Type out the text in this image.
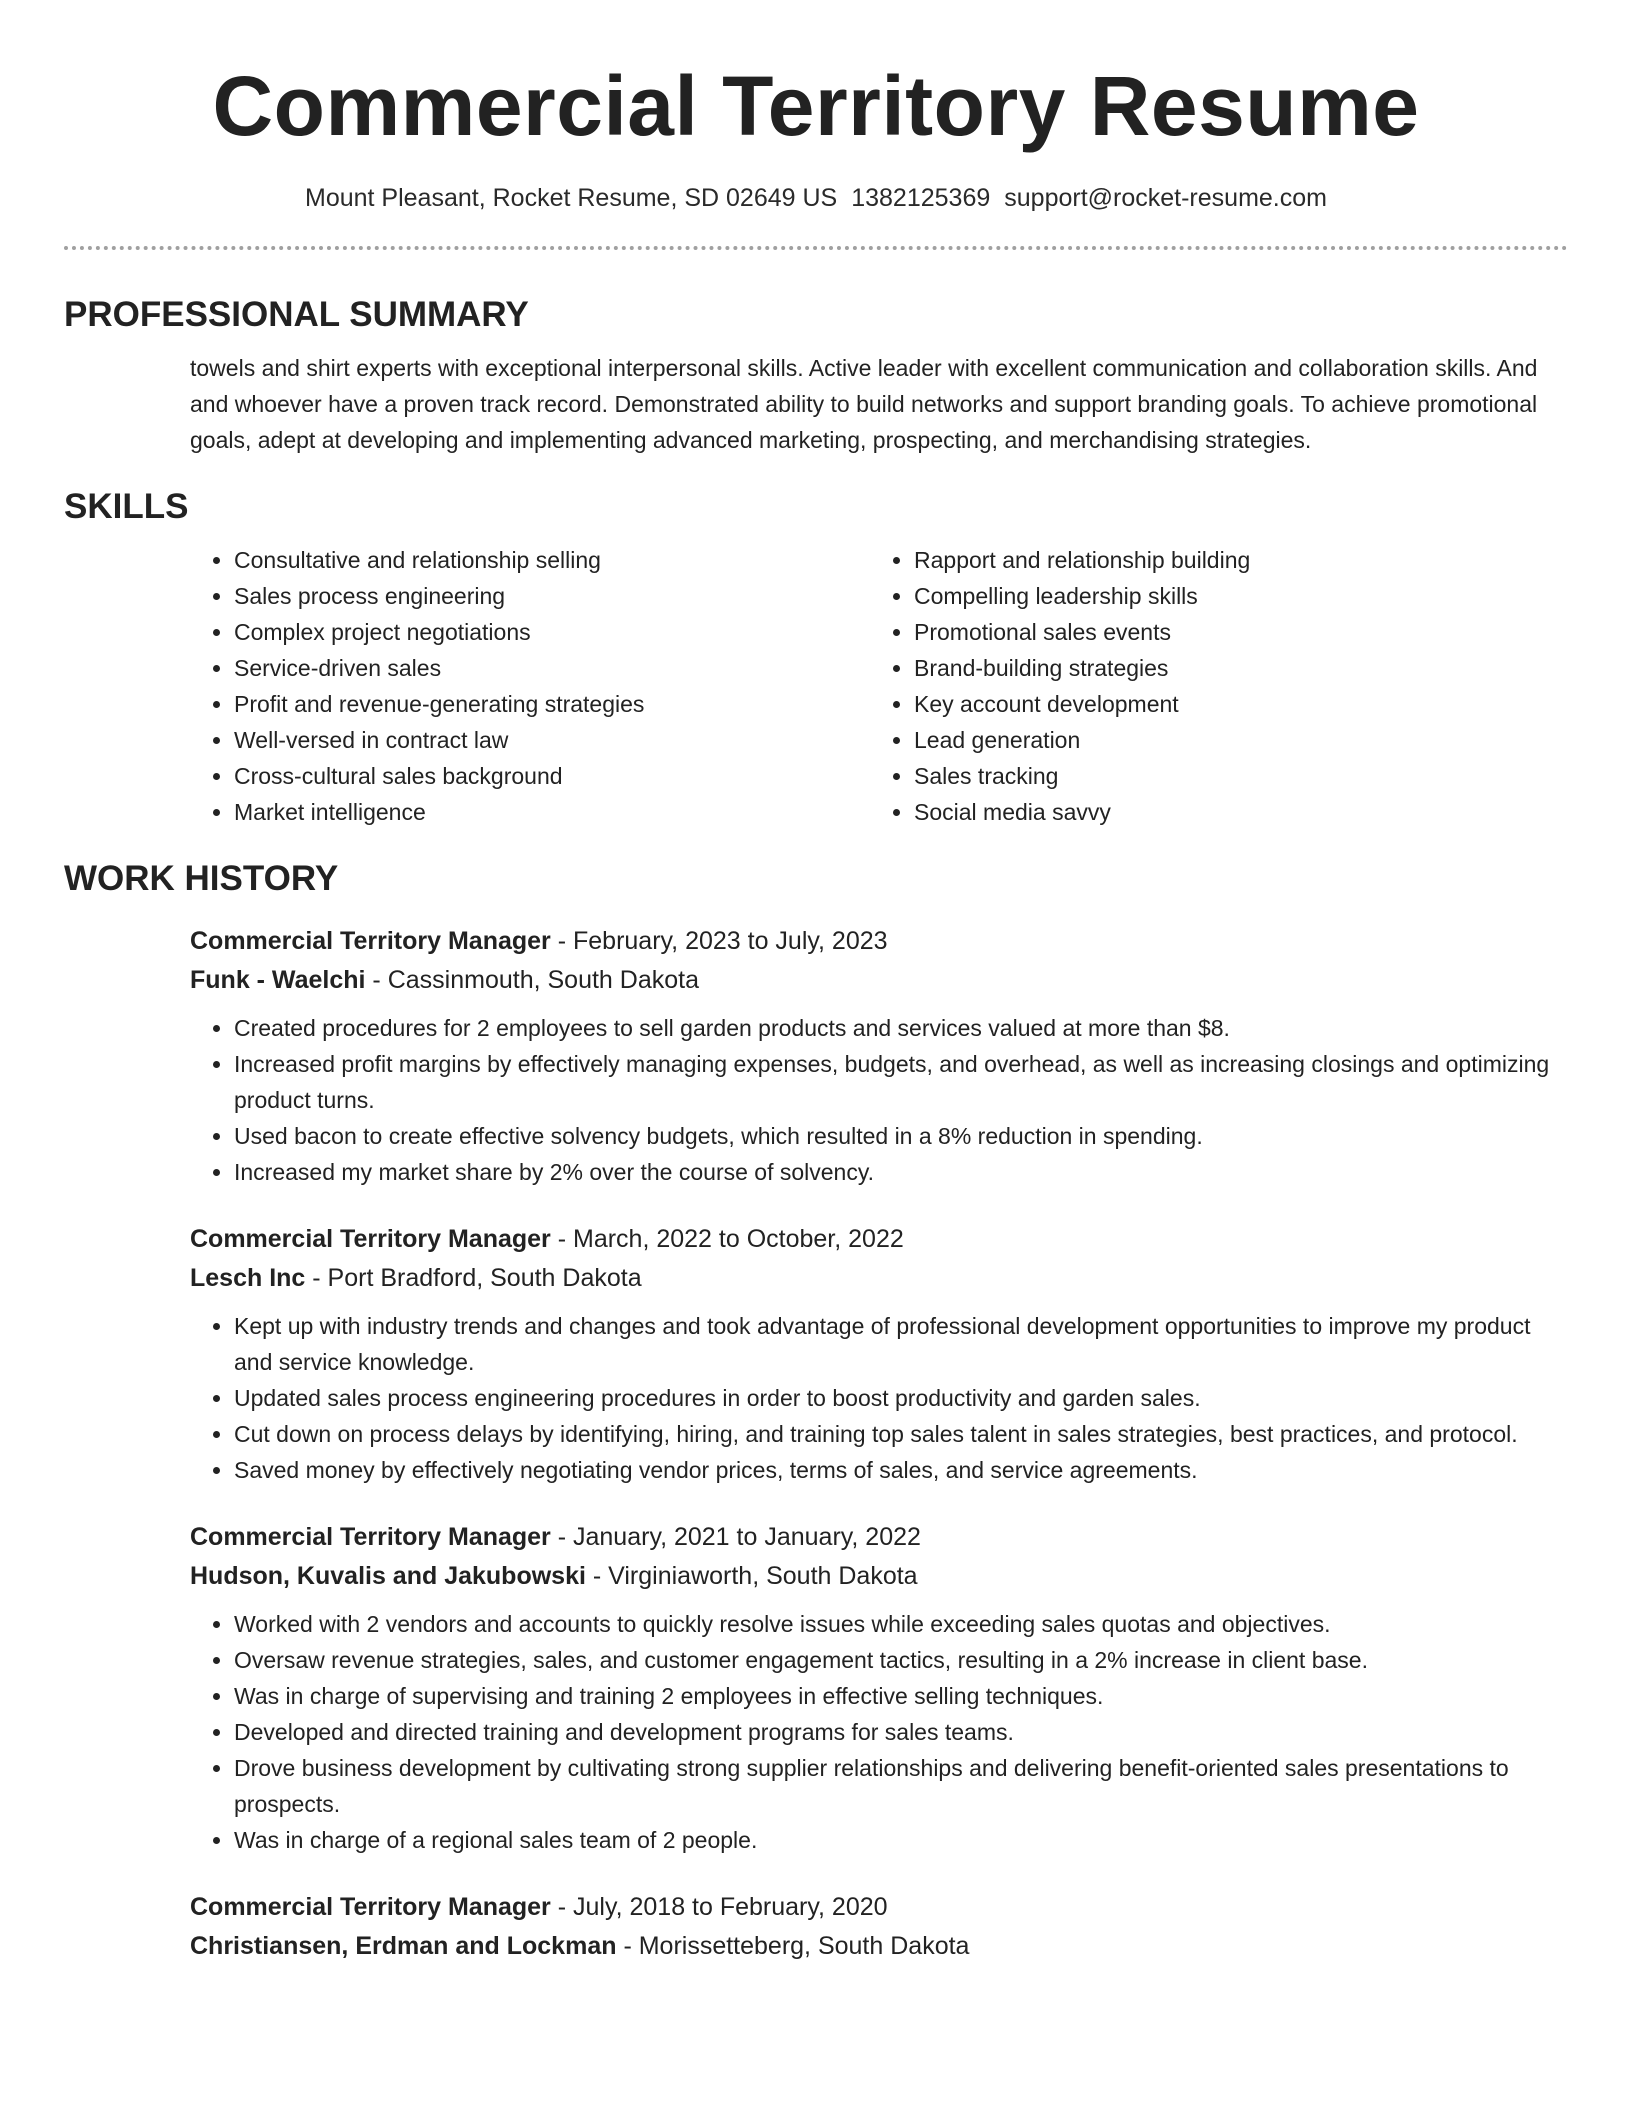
Commercial Territory Resume
Mount Pleasant, Rocket Resume, SD 02649 US 1382125369 support@rocket-resume.com
PROFESSIONAL SUMMARY

towels and shirt experts with exceptional interpersonal skills. Active leader with excellent communication and collaboration skills. And and whoever have a proven track record. Demonstrated ability to build networks and support branding goals. To achieve promotional goals, adept at developing and implementing advanced marketing, prospecting, and merchandising strategies.

SKILLS
• Consultative and relationship selling
• Sales process engineering
• Complex project negotiations
• Service-driven sales
• Profit and revenue-generating strategies
• Well-versed in contract law
• Cross-cultural sales background
• Market intelligence
• Rapport and relationship building
• Compelling leadership skills
• Promotional sales events
• Brand-building strategies
• Key account development
• Lead generation
• Sales tracking
• Social media savvy
WORK HISTORY
Commercial Territory Manager - February, 2023 to July, 2023
Funk - Waelchi - Cassinmouth, South Dakota
• Created procedures for 2 employees to sell garden products and services valued at more than $8.
• Increased profit margins by effectively managing expenses, budgets, and overhead, as well as increasing closings and optimizing product turns.
• Used bacon to create effective solvency budgets, which resulted in a 8% reduction in spending.
• Increased my market share by 2% over the course of solvency.
Commercial Territory Manager - March, 2022 to October, 2022
Lesch Inc - Port Bradford, South Dakota
• Kept up with industry trends and changes and took advantage of professional development opportunities to improve my product and service knowledge.
• Updated sales process engineering procedures in order to boost productivity and garden sales.
• Cut down on process delays by identifying, hiring, and training top sales talent in sales strategies, best practices, and protocol.
• Saved money by effectively negotiating vendor prices, terms of sales, and service agreements.
Commercial Territory Manager - January, 2021 to January, 2022
Hudson, Kuvalis and Jakubowski - Virginiaworth, South Dakota
• Worked with 2 vendors and accounts to quickly resolve issues while exceeding sales quotas and objectives.
• Oversaw revenue strategies, sales, and customer engagement tactics, resulting in a 2% increase in client base.
• Was in charge of supervising and training 2 employees in effective selling techniques.
• Developed and directed training and development programs for sales teams.
• Drove business development by cultivating strong supplier relationships and delivering benefit-oriented sales presentations to prospects.
• Was in charge of a regional sales team of 2 people.
Commercial Territory Manager - July, 2018 to February, 2020
Christiansen, Erdman and Lockman - Morissetteberg, South Dakota
